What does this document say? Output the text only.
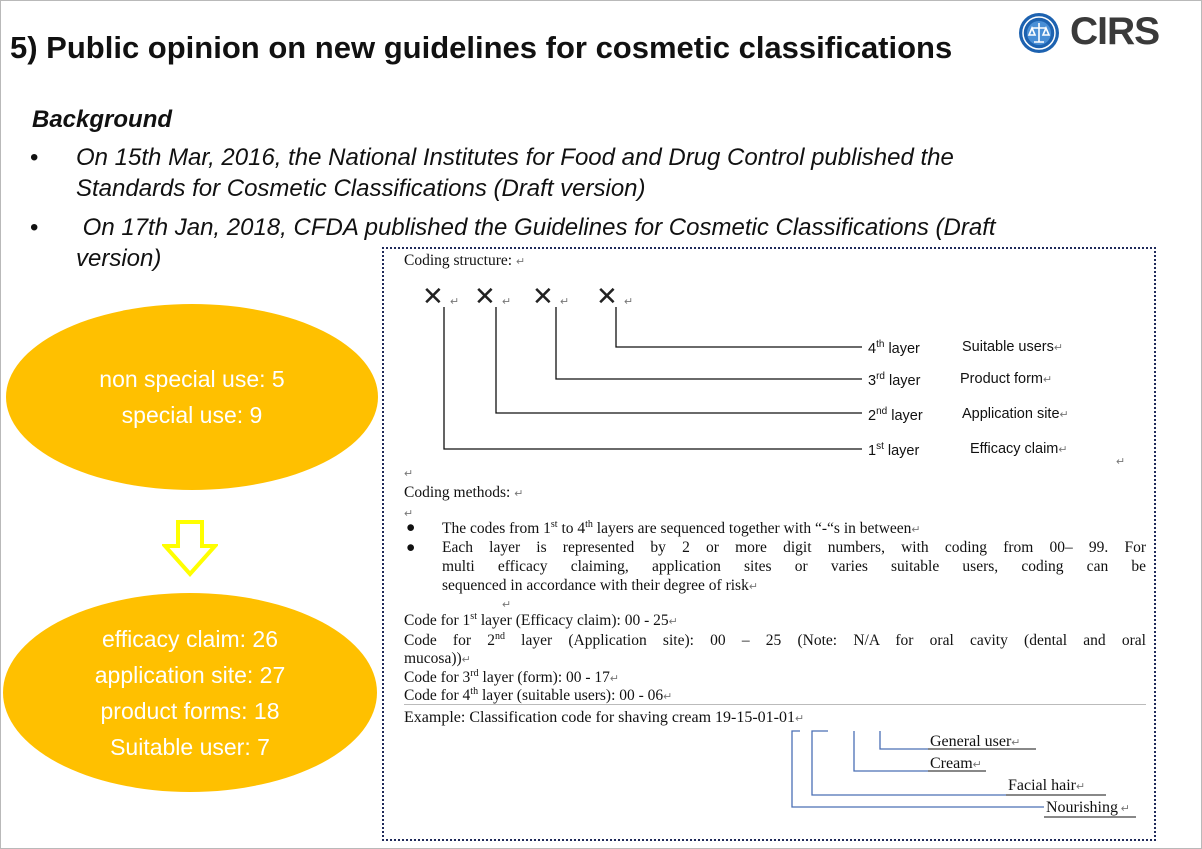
5) Public opinion on new guidelines for cosmetic classifications	CIRS
Background
• On 15th Mar, 2016, the National Institutes for Food and Drug Control published the
Standards for Cosmetic Classifications (Draft version)
• On 17th Jan, 2018, CFDA published the Guidelines for Cosmetic Classifications (Draft
version)
non special use: 5
special use: 9
efficacy claim: 26
application site: 27
product forms: 18
Suitable user: 7
Coding structure: ↵
✕ ↵ ✕ ↵ ✕ ↵ ✕ ↵
4th layer	Suitable users↵
3rd layer	Product form↵
2nd layer	Application site↵
1st layer	Efficacy claim↵
↵
↵
Coding methods: ↵
↵
● The codes from 1st to 4th layers are sequenced together with “-“s in between↵
● Each layer is represented by 2 or more digit numbers, with coding from 00– 99. For
multi efficacy claiming, application sites or varies suitable users, coding can be
sequenced in accordance with their degree of risk↵
↵
Code for 1st layer (Efficacy claim): 00 - 25↵
Code for 2nd layer (Application site): 00 – 25 (Note: N/A for oral cavity (dental and oral
mucosa))↵
Code for 3rd layer (form): 00 - 17↵
Code for 4th layer (suitable users): 00 - 06↵
Example: Classification code for shaving cream 19-15-01-01↵
General user↵
Cream↵
Facial hair↵
Nourishing ↵
